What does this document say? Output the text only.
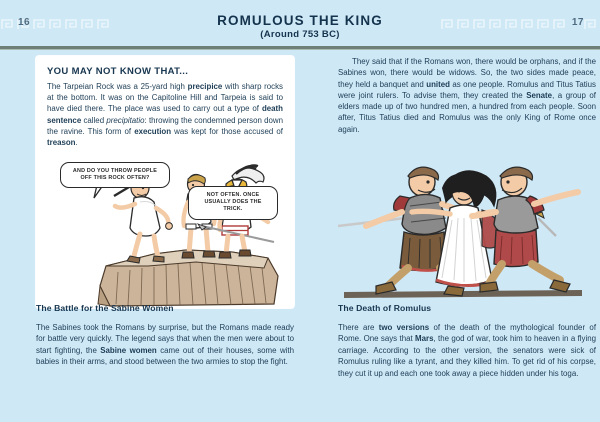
16	17
ROMULOUS THE KING
(Around 753 BC)
YOU MAY NOT KNOW THAT...

The Tarpeian Rock was a 25-yard high precipice with sharp rocks at the bottom. It was on the Capitoline Hill and Tarpeia is said to have died there. The place was used to carry out a type of death sentence called precipitatio: throwing the condemned person down the ravine. This form of execution was kept for those accused of treason.

AND DO YOU THROW PEOPLE OFF THIS ROCK OFTEN?
NOT OFTEN. ONCE USUALLY DOES THE TRICK.

They said that if the Romans won, there would be orphans, and if the Sabines won, there would be widows. So, the two sides made peace, they held a banquet and united as one people. Romulus and Titus Tatius were joint rulers. To advise them, they created the Senate, a group of elders made up of two hundred men, a hundred from each people. Soon after, Titus Tatius died and Romulus was the only King of Rome once again.

The Battle for the Sabine Women

The Sabines took the Romans by surprise, but the Romans made ready for battle very quickly. The legend says that when the men were about to start fighting, the Sabine women came out of their houses, some with babies in their arms, and stood between the two armies to stop the fight.

The Death of Romulus

There are two versions of the death of the mythological founder of Rome. One says that Mars, the god of war, took him to heaven in a flying carriage. According to the other version, the senators were sick of Romulus ruling like a tyrant, and they killed him. To get rid of his corpse, they cut it up and each one took away a piece hidden under his toga.
